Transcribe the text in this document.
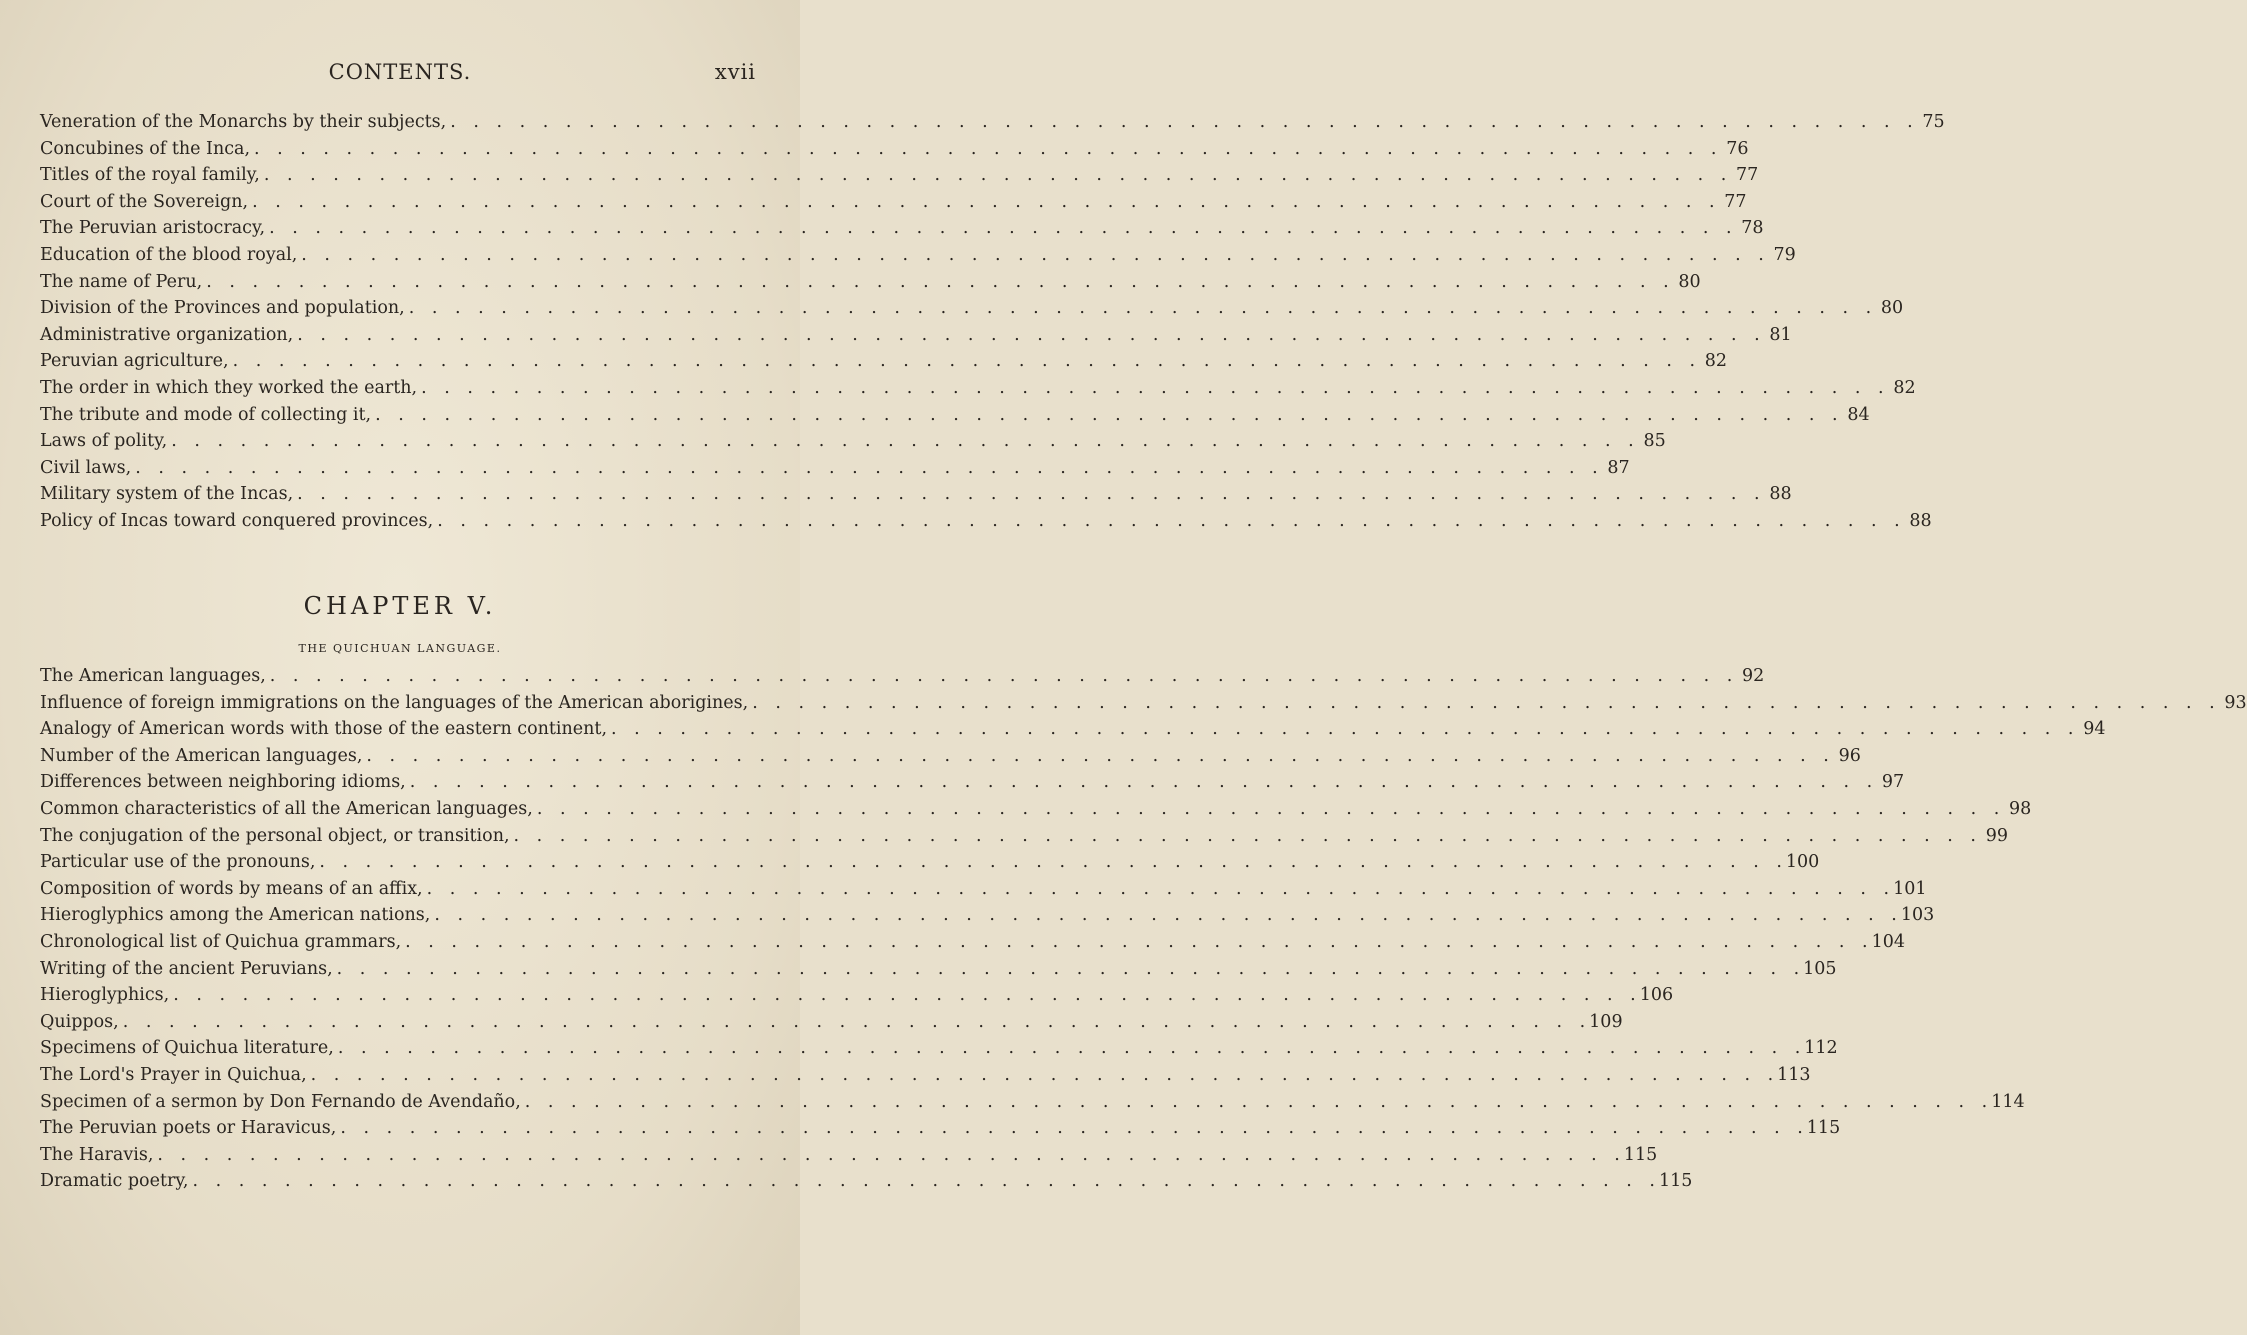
CONTENTS.	xvii
Veneration of the Monarchs by their subjects, . . .	75
Concubines of the Inca, . . .	76
Titles of the royal family, . . .	77
Court of the Sovereign, . . .	77
The Peruvian aristocracy, . . .	78
Education of the blood royal, . . .	79
The name of Peru, . . .	80
Division of the Provinces and population, . . .	80
Administrative organization, . . .	81
Peruvian agriculture, . . .	82
The order in which they worked the earth, . . .	82
The tribute and mode of collecting it, . . .	84
Laws of polity, . . .	85
Civil laws, . . .	87
Military system of the Incas, . . .	88
Policy of Incas toward conquered provinces, . . .	88
CHAPTER V.
THE QUICHUAN LANGUAGE.
The American languages, . . .	92
Influence of foreign immigrations on the languages of the American aborigines, . . .	93
Analogy of American words with those of the eastern continent, . . .	94
Number of the American languages, . . .	96
Differences between neighboring idioms, . . .	97
Common characteristics of all the American languages, . . .	98
The conjugation of the personal object, or transition, . . .	99
Particular use of the pronouns, . . .	100
Composition of words by means of an affix, . . .	101
Hieroglyphics among the American nations, . . .	103
Chronological list of Quichua grammars, . . .	104
Writing of the ancient Peruvians, . . .	105
Hieroglyphics, . . .	106
Quippos, . . .	109
Specimens of Quichua literature, . . .	112
The Lord's Prayer in Quichua, . . .	113
Specimen of a sermon by Don Fernando de Avendaño, . . .	114
The Peruvian poets or Haravicus, . . .	115
The Haravis, . . .	115
Dramatic poetry, . . .	115
